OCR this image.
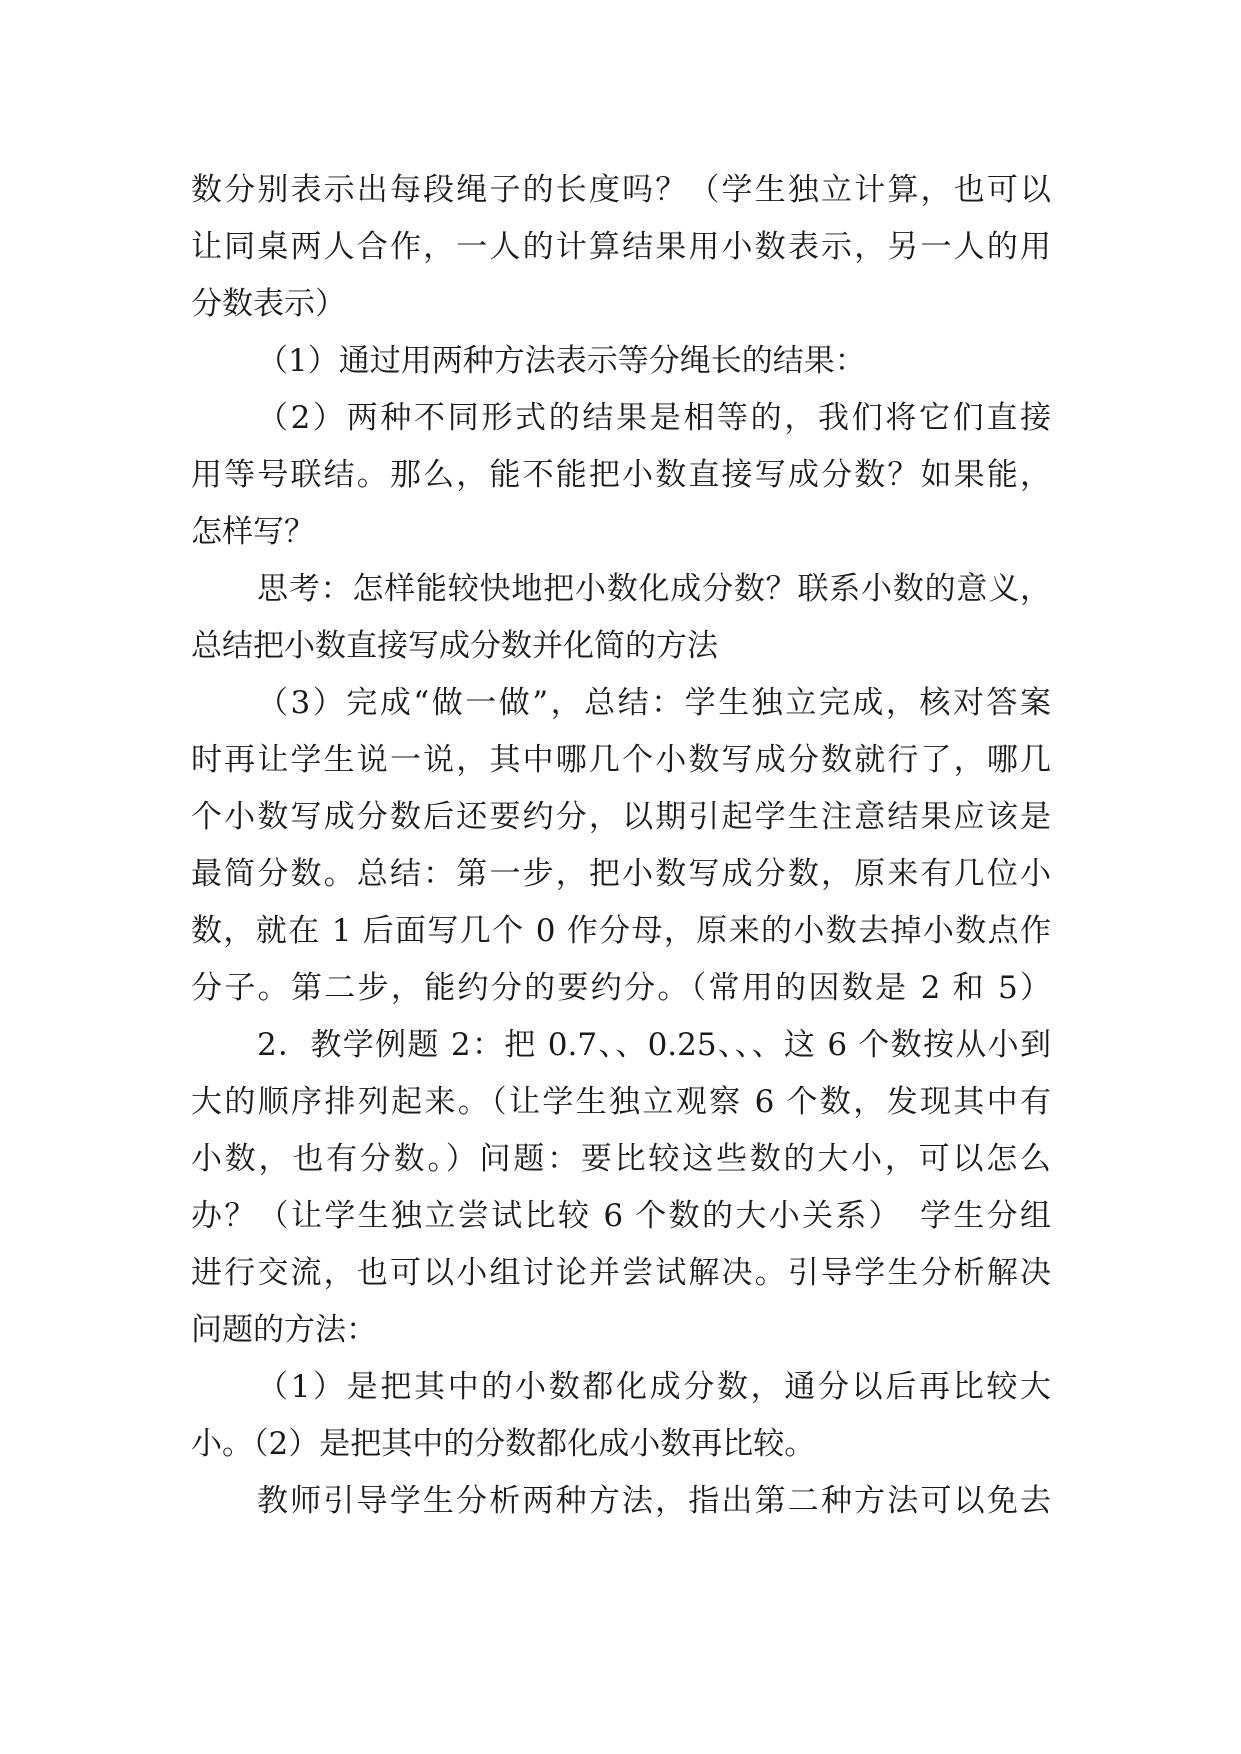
数分别表示出每段绳子的长度吗？（学生独立计算，也可以
让同桌两人合作，一人的计算结果用小数表示，另一人的用
分数表示）
（1）通过用两种方法表示等分绳长的结果：
（2）两种不同形式的结果是相等的，我们将它们直接
用等号联结。那么，能不能把小数直接写成分数？如果能，
怎样写？
思考：怎样能较快地把小数化成分数？联系小数的意义，
总结把小数直接写成分数并化简的方法
（3）完成“做一做”，总结：学生独立完成，核对答案
时再让学生说一说，其中哪几个小数写成分数就行了，哪几
个小数写成分数后还要约分，以期引起学生注意结果应该是
最简分数。总结：第一步，把小数写成分数，原来有几位小
数，就在 1 后面写几个 0 作分母，原来的小数去掉小数点作
分子。第二步，能约分的要约分。（常用的因数是 2 和 5）
2．教学例题 2：把 0.7、、0.25、、、这 6 个数按从小到
大的顺序排列起来。（让学生独立观察 6 个数，发现其中有
小数，也有分数。）问题：要比较这些数的大小，可以怎么
办？（让学生独立尝试比较 6 个数的大小关系）　学生分组
进行交流，也可以小组讨论并尝试解决。引导学生分析解决
问题的方法：
（1）是把其中的小数都化成分数，通分以后再比较大
小。（2）是把其中的分数都化成小数再比较。
教师引导学生分析两种方法，指出第二种方法可以免去
